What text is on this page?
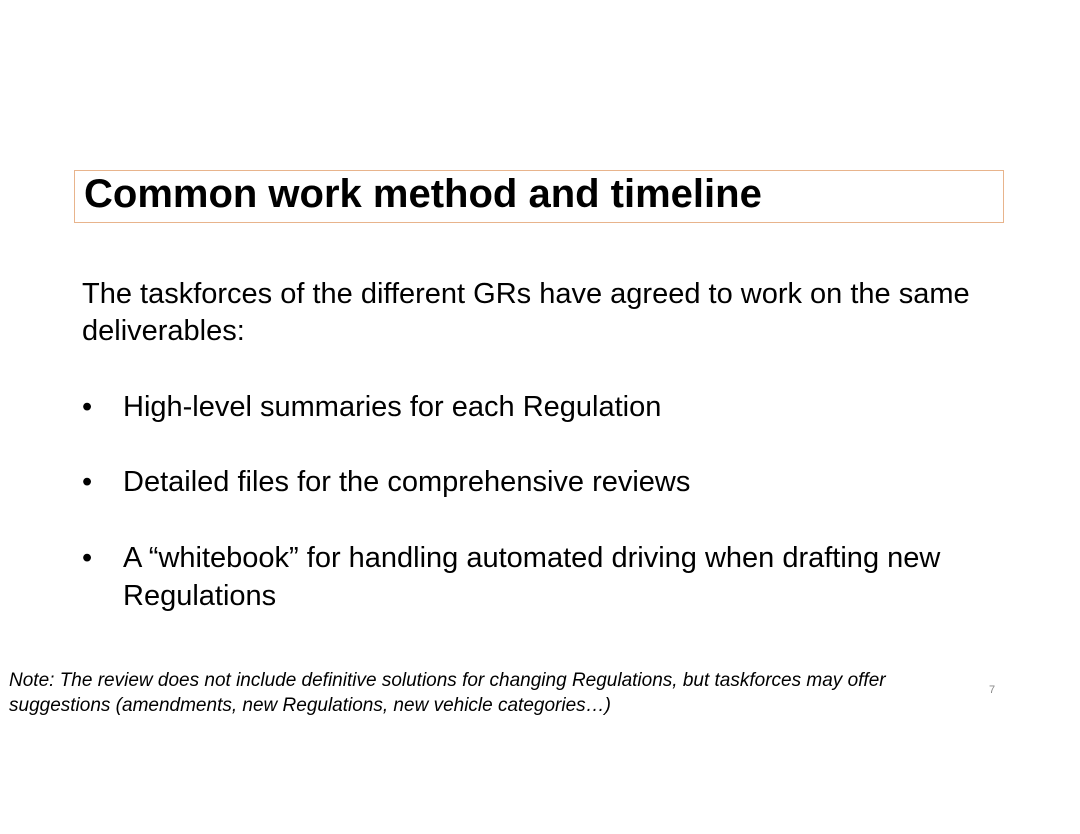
Common work method and timeline

The taskforces of the different GRs have agreed to work on the same deliverables:

•	High-level summaries for each Regulation
•	Detailed files for the comprehensive reviews
•	A “whitebook” for handling automated driving when drafting new Regulations

Note: The review does not include definitive solutions for changing Regulations, but taskforces may offer suggestions (amendments, new Regulations, new vehicle categories…)

7
